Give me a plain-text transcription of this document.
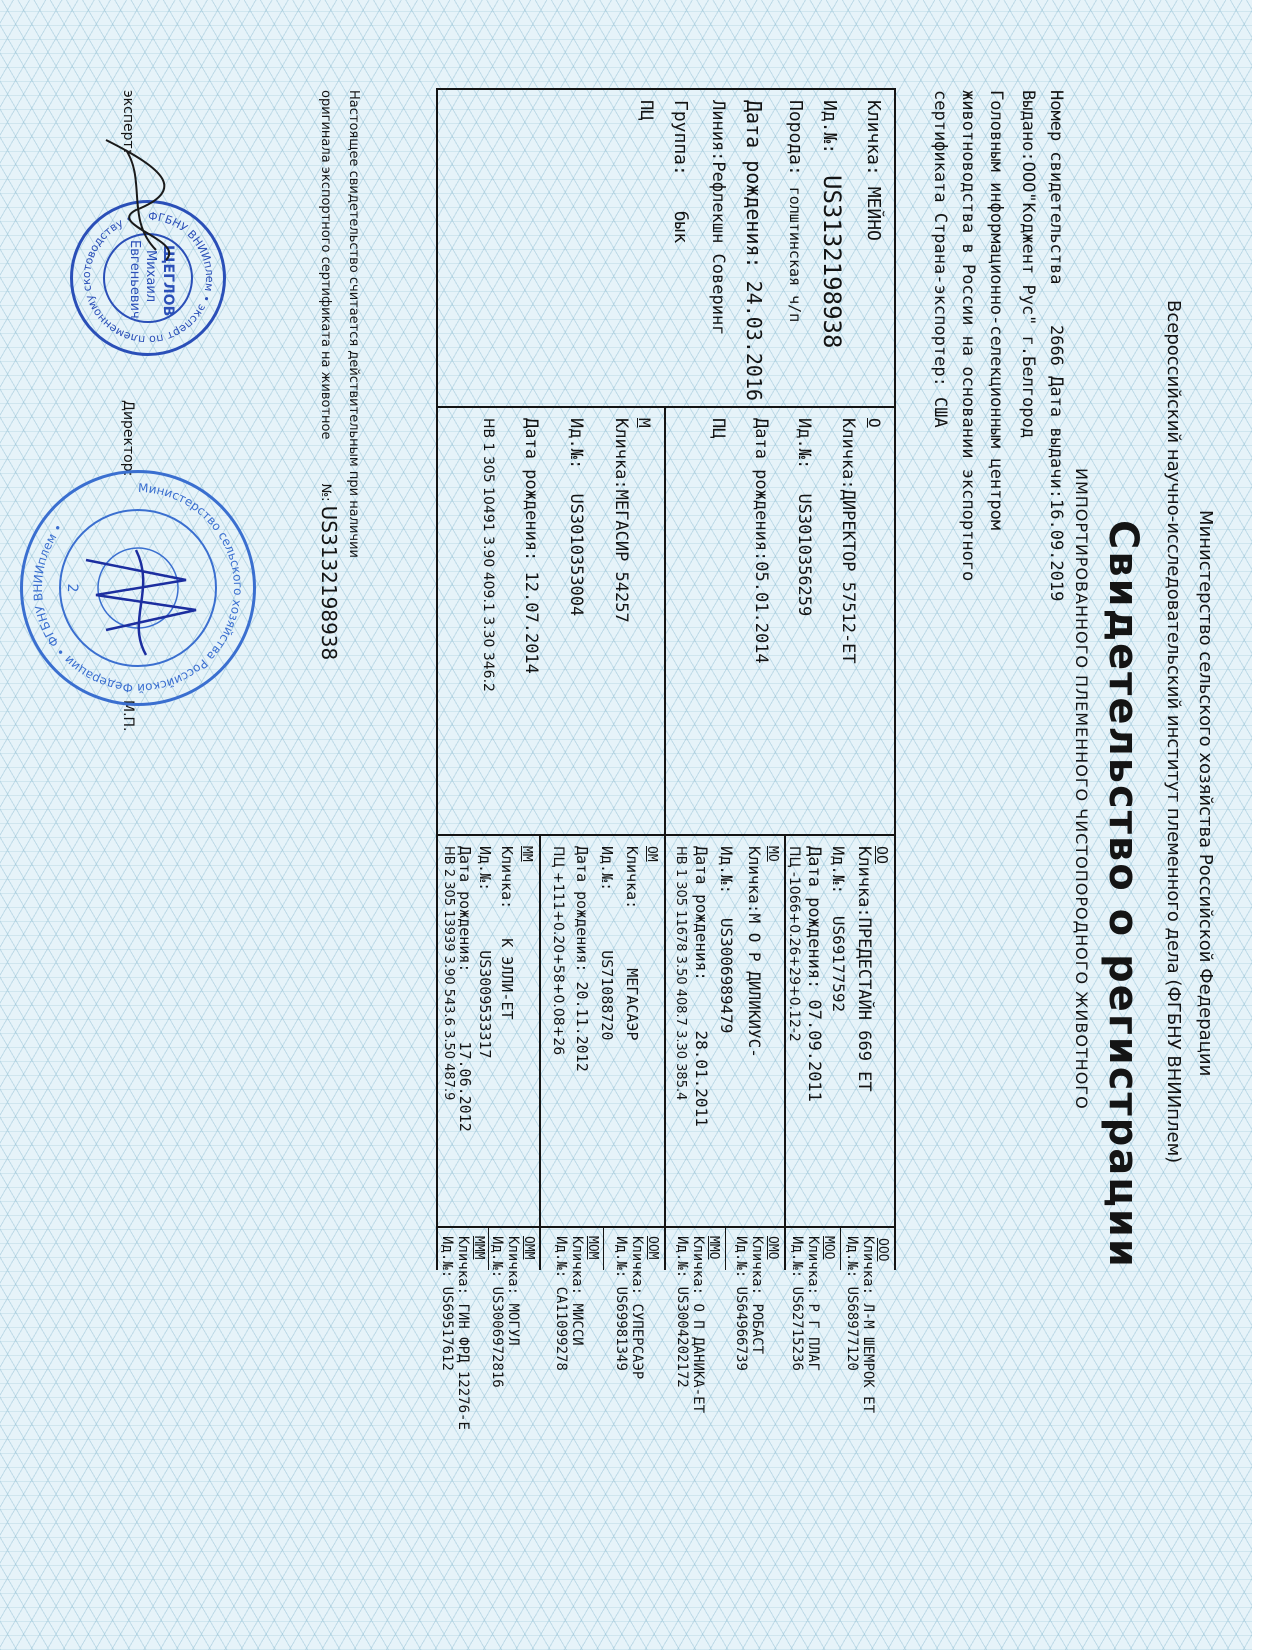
Министерство сельского хозяйства Российской Федерации
Всероссийский научно-исследовательский институт племенного дела (ФГБНУ ВНИИплем)
Свидетельство о регистрации
ИМПОРТИРОВАННОГО ПЛЕМЕННОГО ЧИСТОПОРОДНОГО ЖИВОТНОГО
Номер свидетельства  2666 Дата выдачи:16.09.2019
Выдано:ООО"Коджент Рус" г.Белгород
Головным информационно-селекционным центром
животноводства в России на основании экспортного
сертификата Страна-экспортер: США
Кличка: МЕЙНО
Ид.№: US3132198938
Порода: голштинская ч/п
Дата рождения: 24.03.2016
Линия:Рефлекшн Соверинг
Группа: бык
ПЦ
О
Кличка:ДИРЕКТОР 57512-ET
Ид.№: US3010356259
Дата рождения:05.01.2014
ПЦ
М
Кличка:МЕГАСИР 54257
Ид.№: US3010353004
Дата рождения: 12.07.2014
НВ 1 305 10491 3.90 409.1 3.30 346.2
ОО
Кличка:ПРЕДЕСТАЙН 669 ET
Ид.№: US69177592
Дата рождения: 07.09.2011
ПЦ -1066+0.26+29+0.12-2
МО
Кличка:М О Р ДИЛИКИУС-
Ид.№: US3006989479
Дата рождения: 28.01.2011
НВ 1 305 11678 3.50 408.7 3.30 385.4
ОМ
Кличка: МЕГАСАЭР
Ид.№: US71088720
Дата рождения: 20.11.2012
ПЦ +111+0.20+58+0.08+26
ММ
Кличка: К ЭЛЛИ-ET
Ид.№: US3009533317
Дата рождения: 17.06.2012
НВ 2 305 13939 3.90 543.6 3.50 487.9
ООО
Кличка: Л-М ШЕМРОК ET
Ид.№: US68977120
МОО
Кличка: Р Г ПЛАГ
Ид.№: US62715236
ОМО
Кличка: РОБАСТ
Ид.№: US64966739
ММО
Кличка: О П ДАНИКА-ET
Ид.№: US3004202172
ООМ
Кличка: СУПЕРСАЭР
Ид.№: US69981349
МОМ
Кличка: МИССИ
Ид.№: CA11099278
ОММ
Кличка: МОГУЛ
Ид.№: US3006972816
МММ
Кличка: ГИН ФРД 12276-Е
Ид.№: US69517612
Настоящее свидетельство считается действительным при наличии
оригинала экспортного сертификата на животное №: US3132198938
эксперт:
Директор:
М.П.
ФГБНУ ВНИИплем • эксперт по племенному скотоводству •
ЩЕГЛОВ
Михаил
Евгеньевич
Министерство сельского хозяйства Российской Федерации • ФГБНУ ВНИИплем •
2
